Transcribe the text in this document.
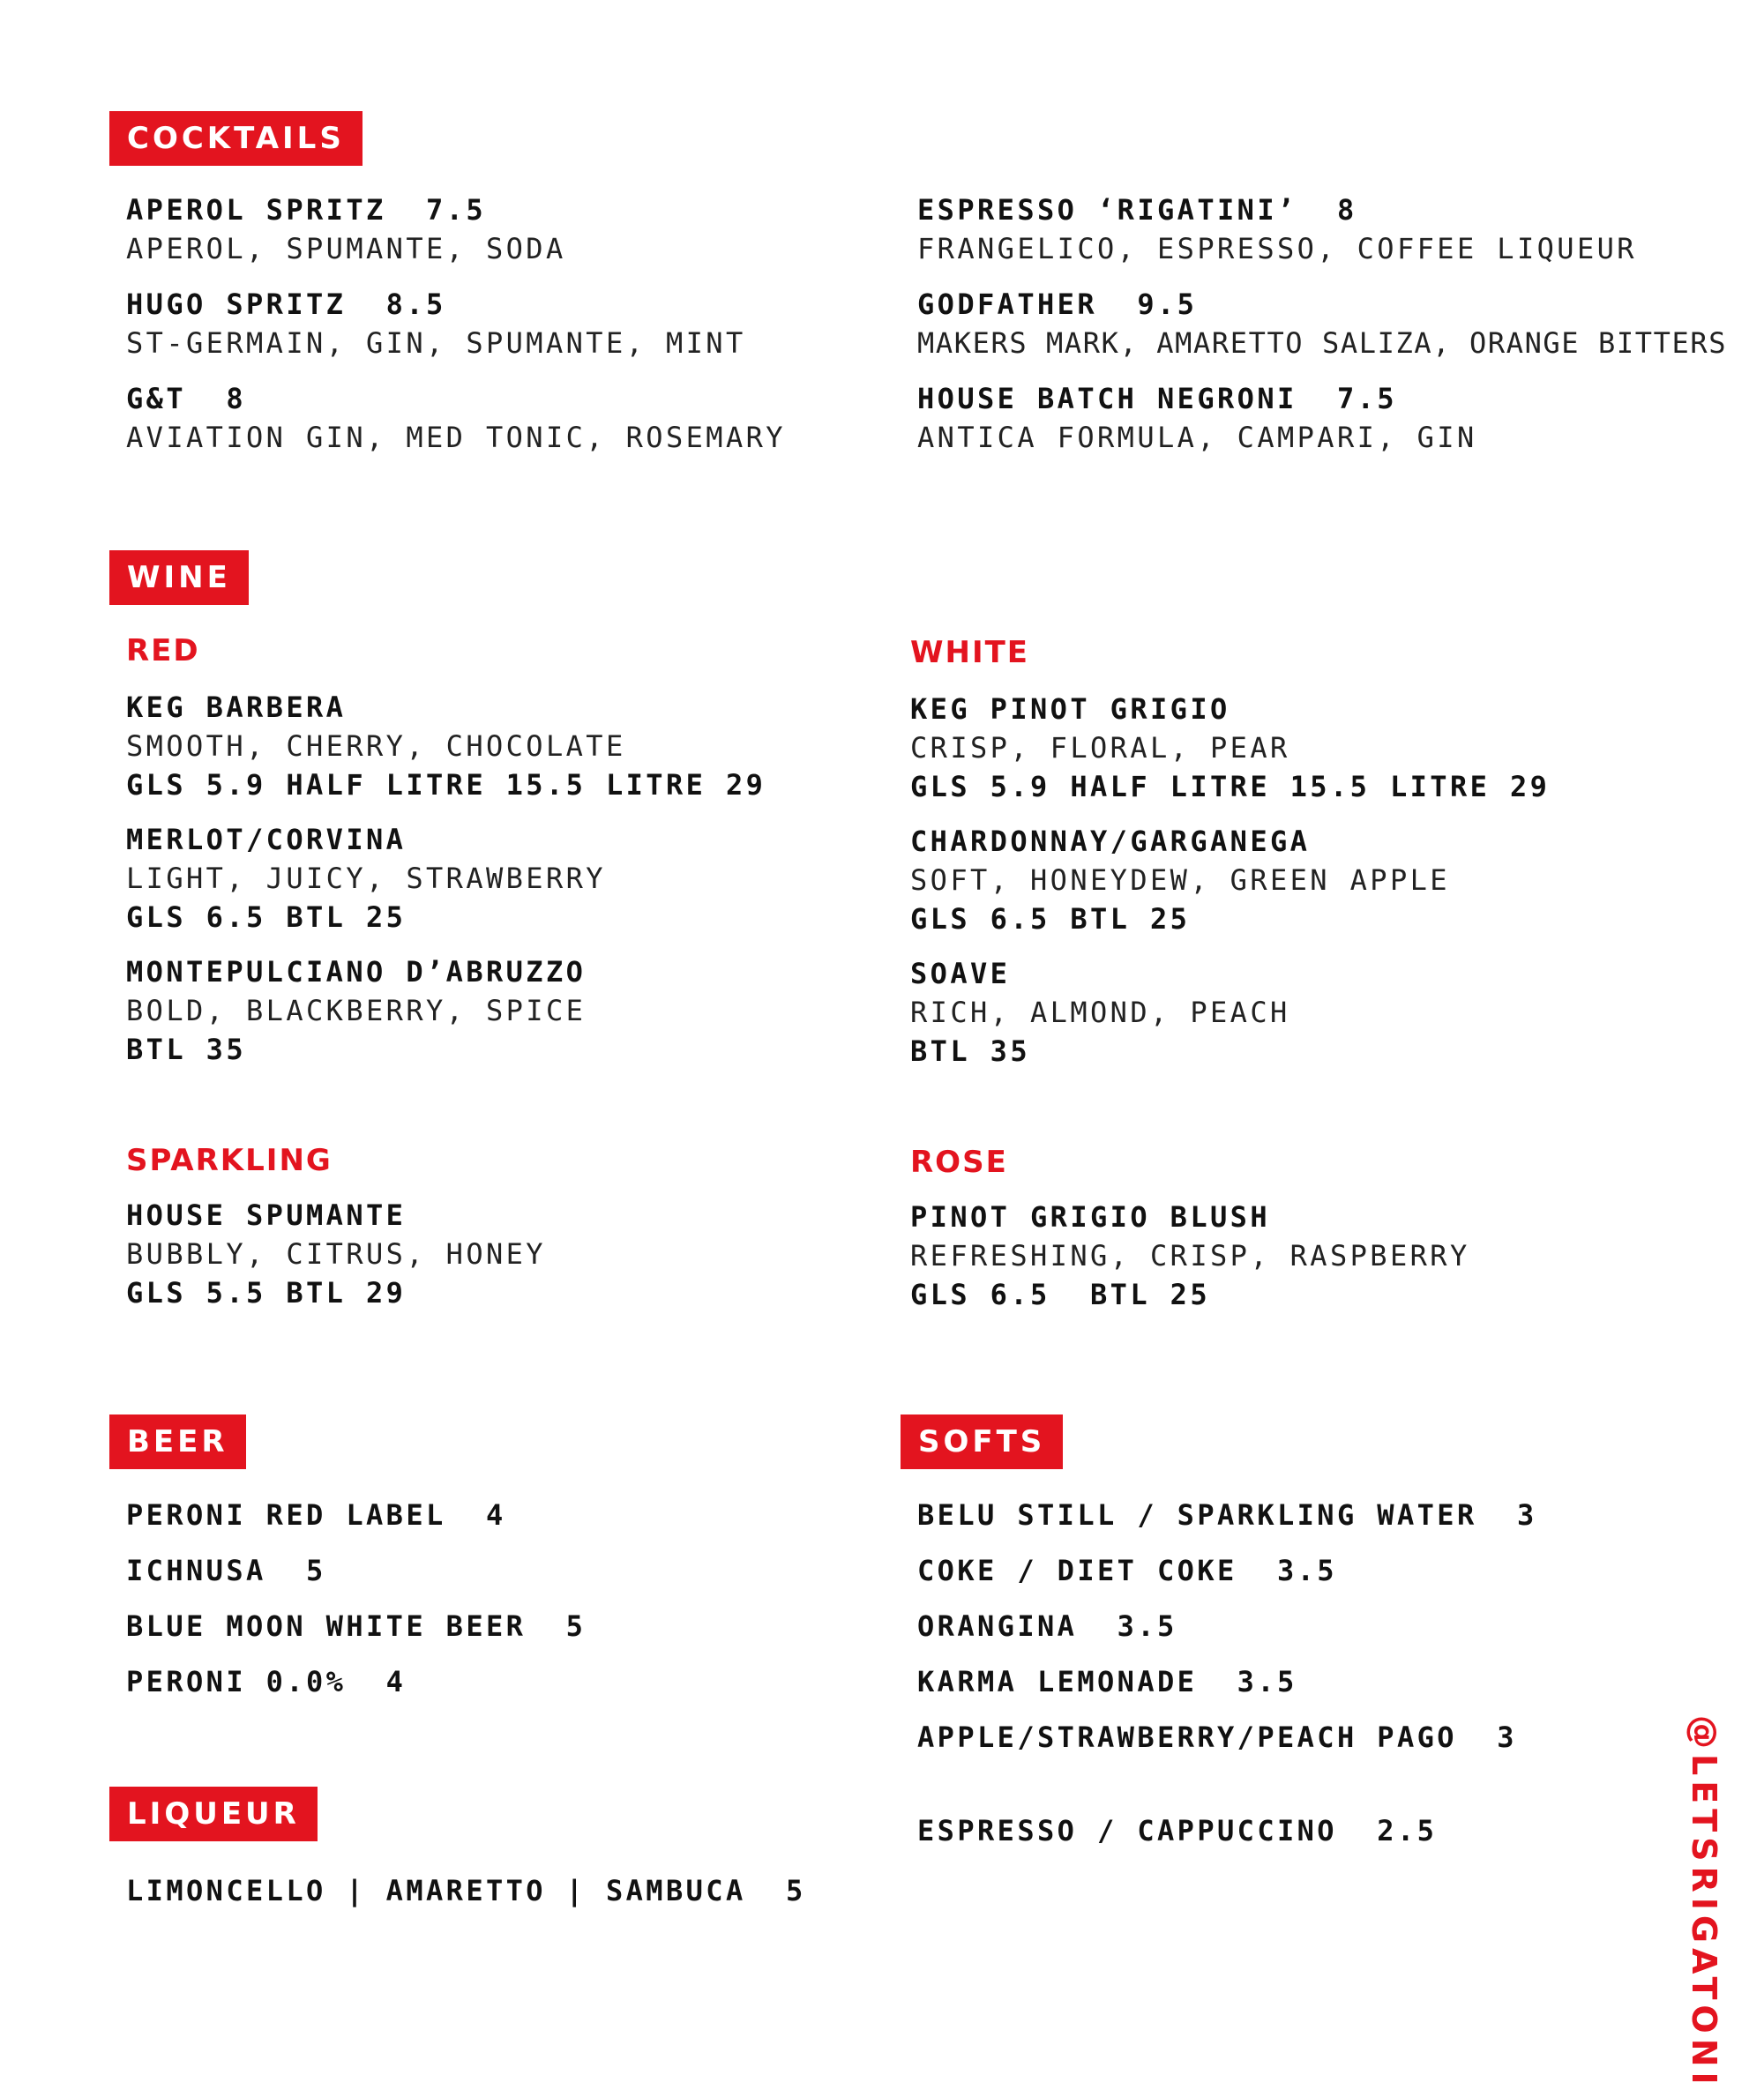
COCKTAILS
APEROL SPRITZ  7.5
APEROL, SPUMANTE, SODA
HUGO SPRITZ  8.5
ST-GERMAIN, GIN, SPUMANTE, MINT
G&T  8
AVIATION GIN, MED TONIC, ROSEMARY
ESPRESSO ‘RIGATINI’  8
FRANGELICO, ESPRESSO, COFFEE LIQUEUR
GODFATHER  9.5
MAKERS MARK, AMARETTO SALIZA, ORANGE BITTERS
HOUSE BATCH NEGRONI  7.5
ANTICA FORMULA, CAMPARI, GIN
WINE
RED
KEG BARBERA
SMOOTH, CHERRY, CHOCOLATE
GLS 5.9 HALF LITRE 15.5 LITRE 29
MERLOT/CORVINA
LIGHT, JUICY, STRAWBERRY
GLS 6.5 BTL 25
MONTEPULCIANO D’ABRUZZO
BOLD, BLACKBERRY, SPICE
BTL 35
WHITE
KEG PINOT GRIGIO
CRISP, FLORAL, PEAR
GLS 5.9 HALF LITRE 15.5 LITRE 29
CHARDONNAY/GARGANEGA
SOFT, HONEYDEW, GREEN APPLE
GLS 6.5 BTL 25
SOAVE
RICH, ALMOND, PEACH
BTL 35
SPARKLING
HOUSE SPUMANTE
BUBBLY, CITRUS, HONEY
GLS 5.5 BTL 29
ROSE
PINOT GRIGIO BLUSH
REFRESHING, CRISP, RASPBERRY
GLS 6.5  BTL 25
BEER
PERONI RED LABEL  4
ICHNUSA  5
BLUE MOON WHITE BEER  5
PERONI 0.0%  4
SOFTS
BELU STILL / SPARKLING WATER  3
COKE / DIET COKE  3.5
ORANGINA  3.5
KARMA LEMONADE  3.5
APPLE/STRAWBERRY/PEACH PAGO  3
ESPRESSO / CAPPUCCINO  2.5
LIQUEUR
LIMONCELLO | AMARETTO | SAMBUCA  5	@LETSRIGATONI
